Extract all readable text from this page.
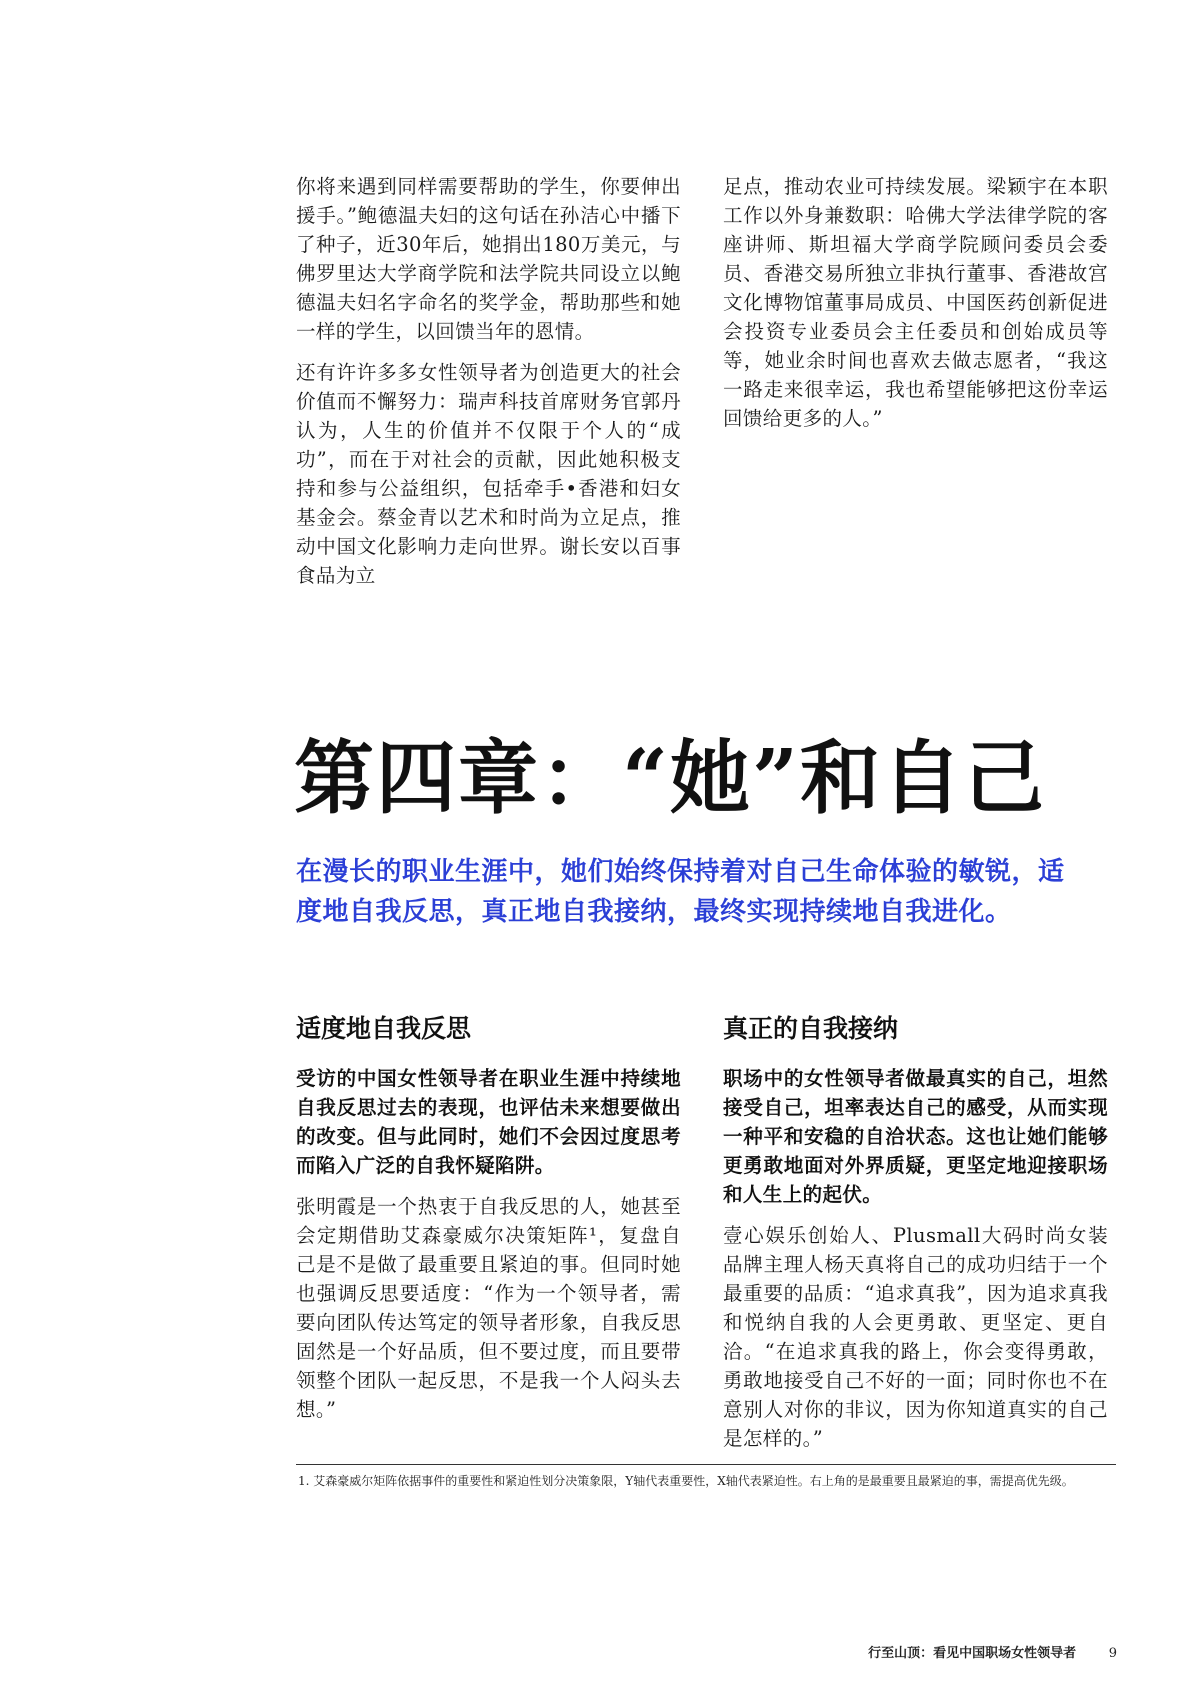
你将来遇到同样需要帮助的学生，你要伸出援手。”鲍德温夫妇的这句话在孙洁心中播下了种子，近30年后，她捐出180万美元，与佛罗里达大学商学院和法学院共同设立以鲍德温夫妇名字命名的奖学金，帮助那些和她一样的学生，以回馈当年的恩情。

还有许许多多女性领导者为创造更大的社会价值而不懈努力：瑞声科技首席财务官郭丹认为，人生的价值并不仅限于个人的“成功”，而在于对社会的贡献，因此她积极支持和参与公益组织，包括牵手•香港和妇女基金会。蔡金青以艺术和时尚为立足点，推动中国文化影响力走向世界。谢长安以百事食品为立

足点，推动农业可持续发展。梁颖宇在本职工作以外身兼数职：哈佛大学法律学院的客座讲师、斯坦福大学商学院顾问委员会委员、香港交易所独立非执行董事、香港故宫文化博物馆董事局成员、中国医药创新促进会投资专业委员会主任委员和创始成员等等，她业余时间也喜欢去做志愿者，“我这一路走来很幸运，我也希望能够把这份幸运回馈给更多的人。”

第四章：“她”和自己

在漫长的职业生涯中，她们始终保持着对自己生命体验的敏锐，适度地自我反思，真正地自我接纳，最终实现持续地自我进化。

适度地自我反思

受访的中国女性领导者在职业生涯中持续地自我反思过去的表现，也评估未来想要做出的改变。但与此同时，她们不会因过度思考而陷入广泛的自我怀疑陷阱。

张明霞是一个热衷于自我反思的人，她甚至会定期借助艾森豪威尔决策矩阵¹，复盘自己是不是做了最重要且紧迫的事。但同时她也强调反思要适度：“作为一个领导者，需要向团队传达笃定的领导者形象，自我反思固然是一个好品质，但不要过度，而且要带领整个团队一起反思，不是我一个人闷头去想。”

真正的自我接纳

职场中的女性领导者做最真实的自己，坦然接受自己，坦率表达自己的感受，从而实现一种平和安稳的自洽状态。这也让她们能够更勇敢地面对外界质疑，更坚定地迎接职场和人生上的起伏。

壹心娱乐创始人、Plusmall大码时尚女装品牌主理人杨天真将自己的成功归结于一个最重要的品质：“追求真我”，因为追求真我和悦纳自我的人会更勇敢、更坚定、更自洽。“在追求真我的路上，你会变得勇敢，勇敢地接受自己不好的一面；同时你也不在意别人对你的非议，因为你知道真实的自己是怎样的。”

1. 艾森豪威尔矩阵依据事件的重要性和紧迫性划分决策象限，Y轴代表重要性，X轴代表紧迫性。右上角的是最重要且最紧迫的事，需提高优先级。

行至山顶：看见中国职场女性领导者	9
